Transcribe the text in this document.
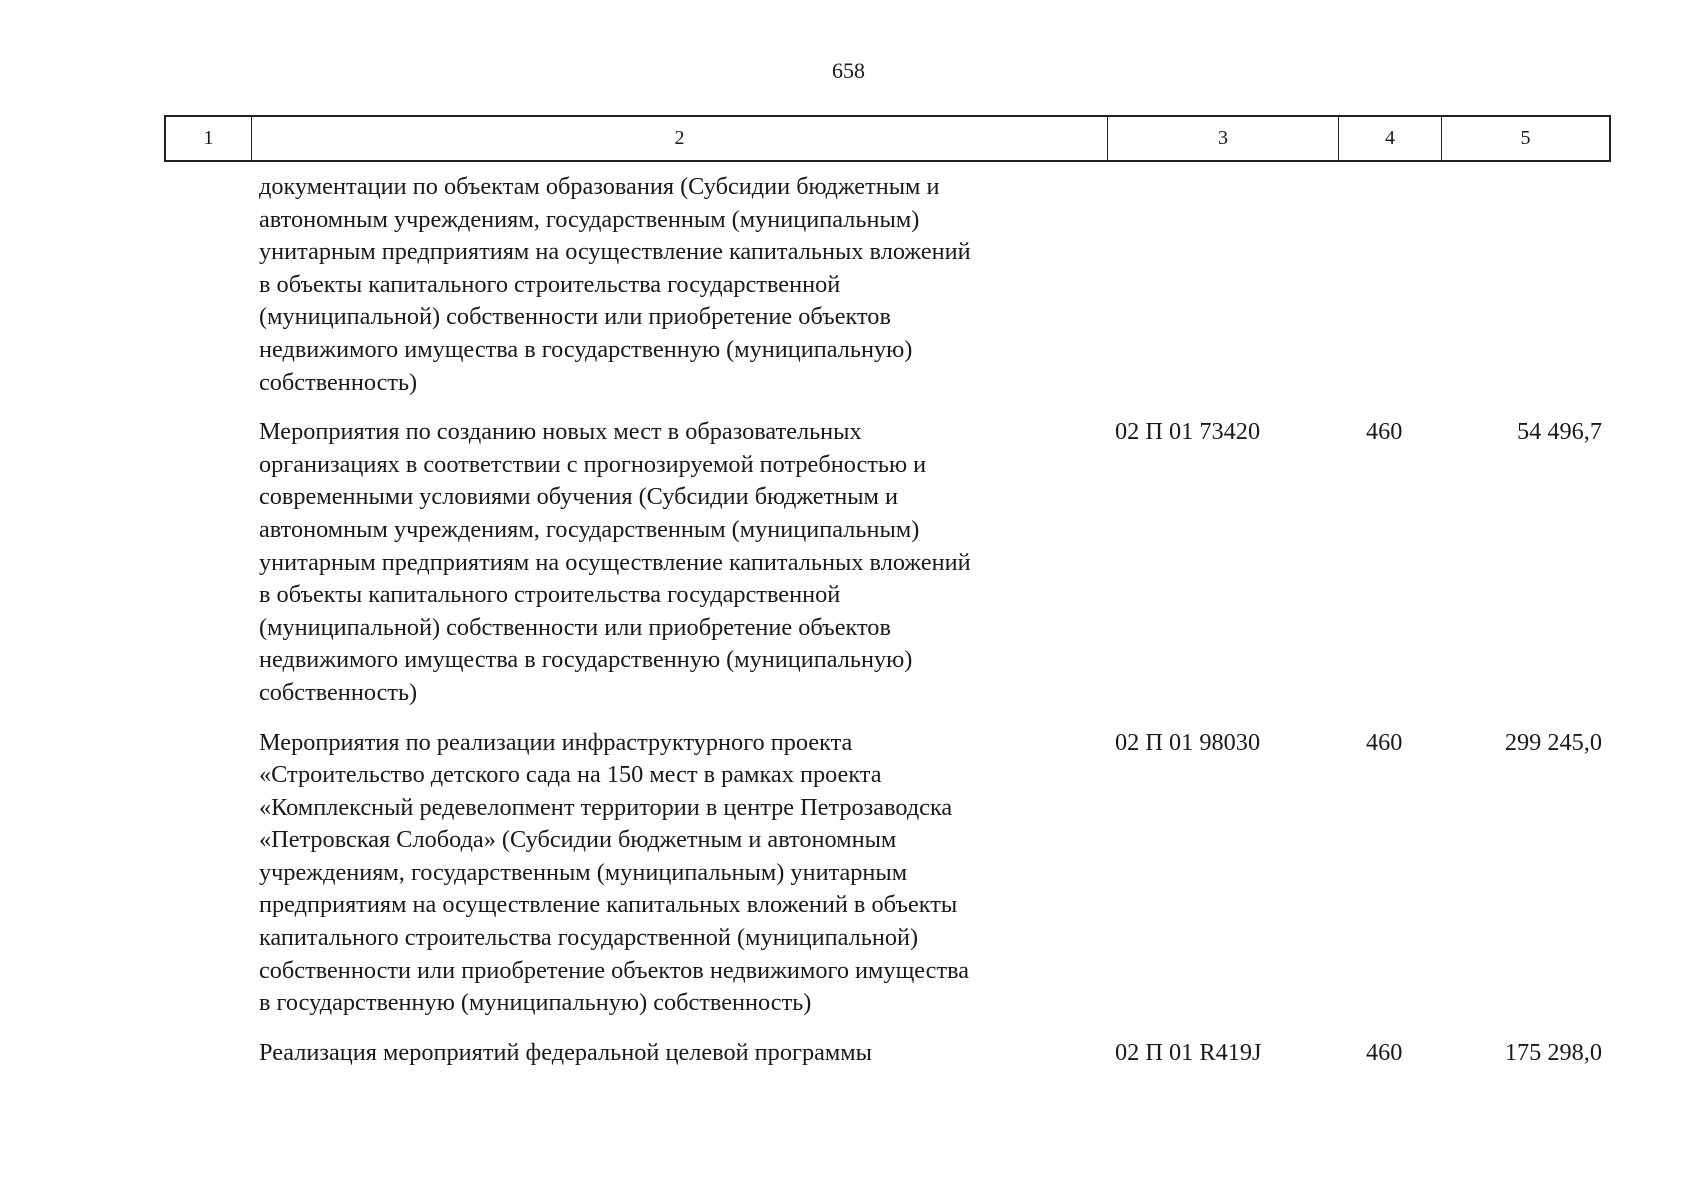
658
1	2	3	4	5
документации по объектам образования (Субсидии бюджетным и
автономным учреждениям, государственным (муниципальным)
унитарным предприятиям на осуществление капитальных вложений
в объекты капитального строительства государственной
(муниципальной) собственности или приобретение объектов
недвижимого имущества в государственную (муниципальную)
собственность)
Мероприятия по созданию новых мест в образовательных
организациях в соответствии с прогнозируемой потребностью и
современными условиями обучения (Субсидии бюджетным и
автономным учреждениям, государственным (муниципальным)
унитарным предприятиям на осуществление капитальных вложений
в объекты капитального строительства государственной
(муниципальной) собственности или приобретение объектов
недвижимого имущества в государственную (муниципальную)
собственность)
02 П 01 73420	460	54 496,7
Мероприятия по реализации инфраструктурного проекта
«Строительство детского сада на 150 мест в рамках проекта
«Комплексный редевелопмент территории в центре Петрозаводска
«Петровская Слобода» (Субсидии бюджетным и автономным
учреждениям, государственным (муниципальным) унитарным
предприятиям на осуществление капитальных вложений в объекты
капитального строительства государственной (муниципальной)
собственности или приобретение объектов недвижимого имущества
в государственную (муниципальную) собственность)
02 П 01 98030	460	299 245,0
Реализация мероприятий федеральной целевой программы	02 П 01 R419J	460	175 298,0
